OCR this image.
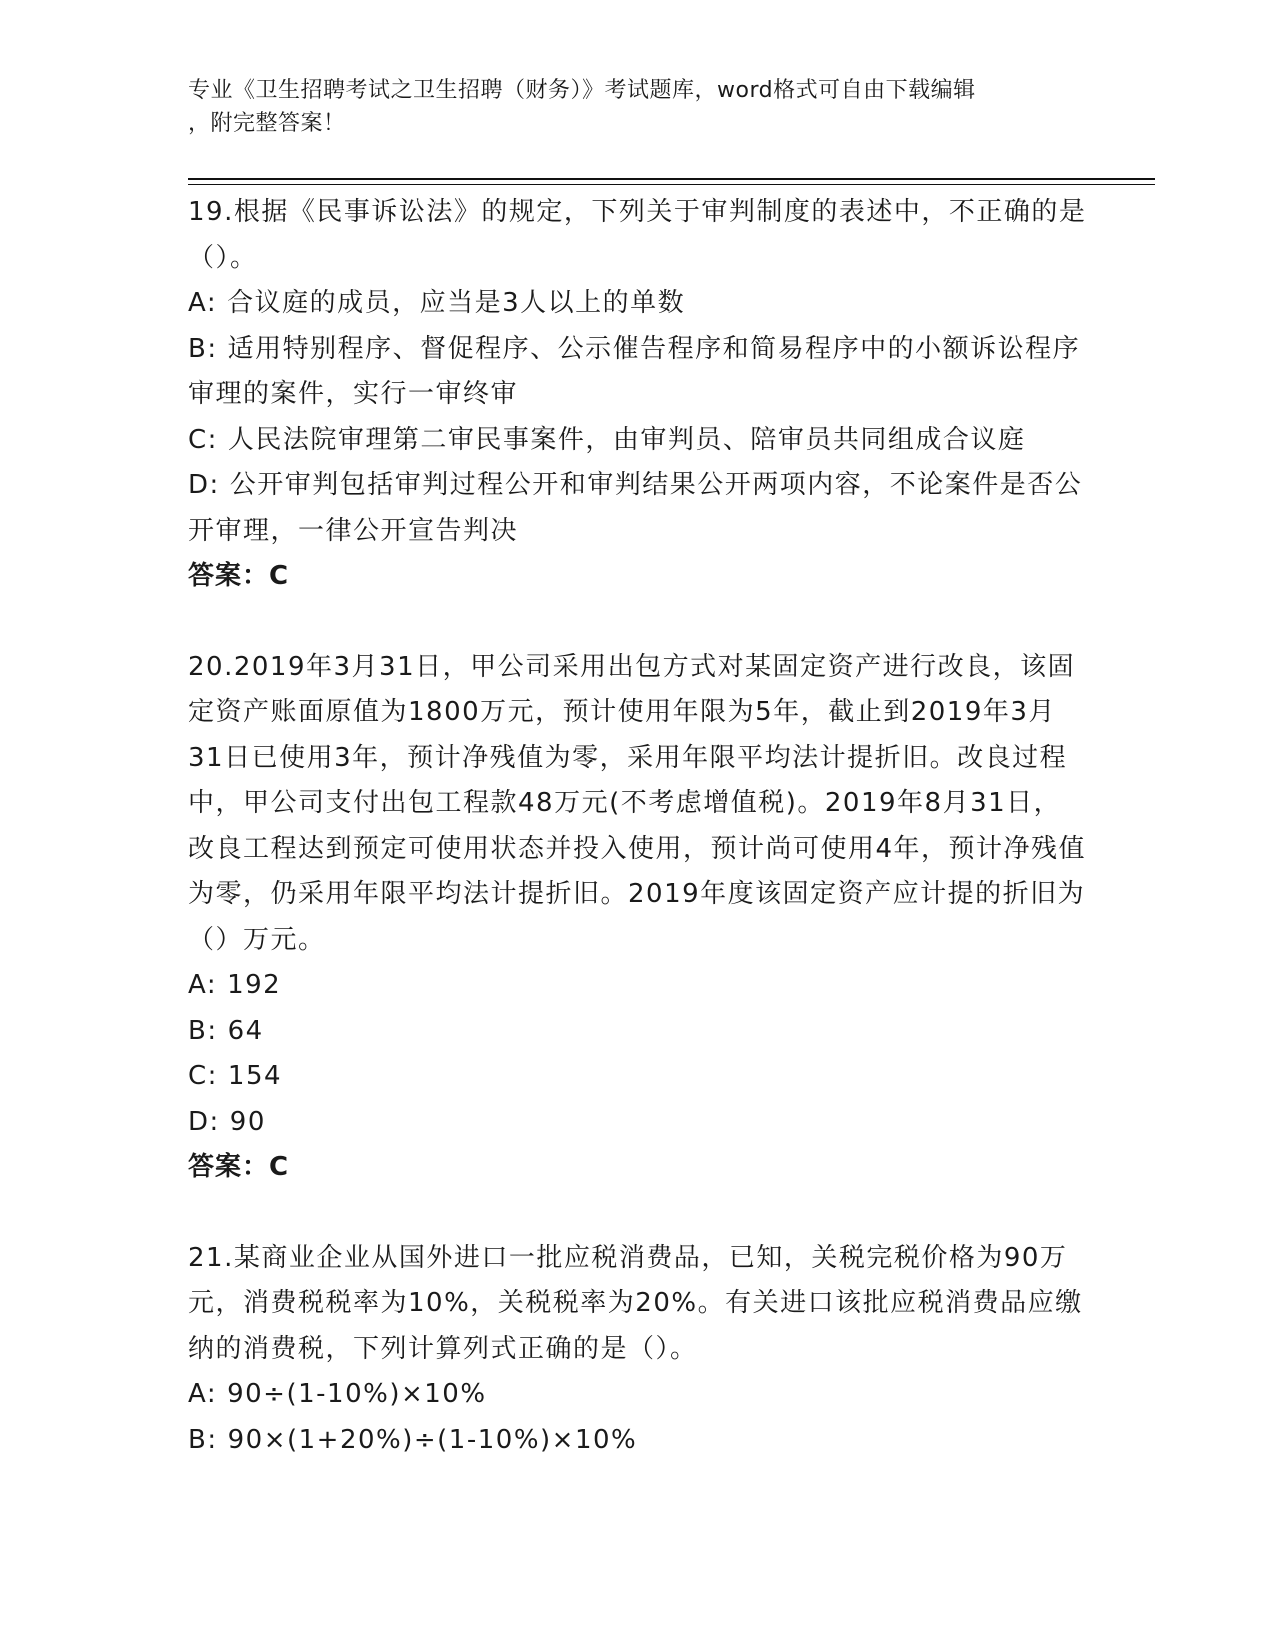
专业《卫生招聘考试之卫生招聘（财务）》考试题库，word格式可自由下载编辑
，附完整答案！

19.根据《民事诉讼法》的规定，下列关于审判制度的表述中，不正确的是（）。

A: 合议庭的成员，应当是3人以上的单数

B: 适用特别程序、督促程序、公示催告程序和简易程序中的小额诉讼程序审理的案件，实行一审终审

C: 人民法院审理第二审民事案件，由审判员、陪审员共同组成合议庭

D: 公开审判包括审判过程公开和审判结果公开两项内容，不论案件是否公开审理，一律公开宣告判决

答案：C

20.2019年3月31日，甲公司采用出包方式对某固定资产进行改良，该固定资产账面原值为1800万元，预计使用年限为5年，截止到2019年3月31日已使用3年，预计净残值为零，采用年限平均法计提折旧。改良过程中，甲公司支付出包工程款48万元(不考虑增值税)。2019年8月31日，改良工程达到预定可使用状态并投入使用，预计尚可使用4年，预计净残值为零，仍采用年限平均法计提折旧。2019年度该固定资产应计提的折旧为（）万元。

A: 192

B: 64

C: 154

D: 90

答案：C

21.某商业企业从国外进口一批应税消费品，已知，关税完税价格为90万元，消费税税率为10%，关税税率为20%。有关进口该批应税消费品应缴纳的消费税，下列计算列式正确的是（）。

A: 90÷(1-10%)×10%

B: 90×(1+20%)÷(1-10%)×10%
